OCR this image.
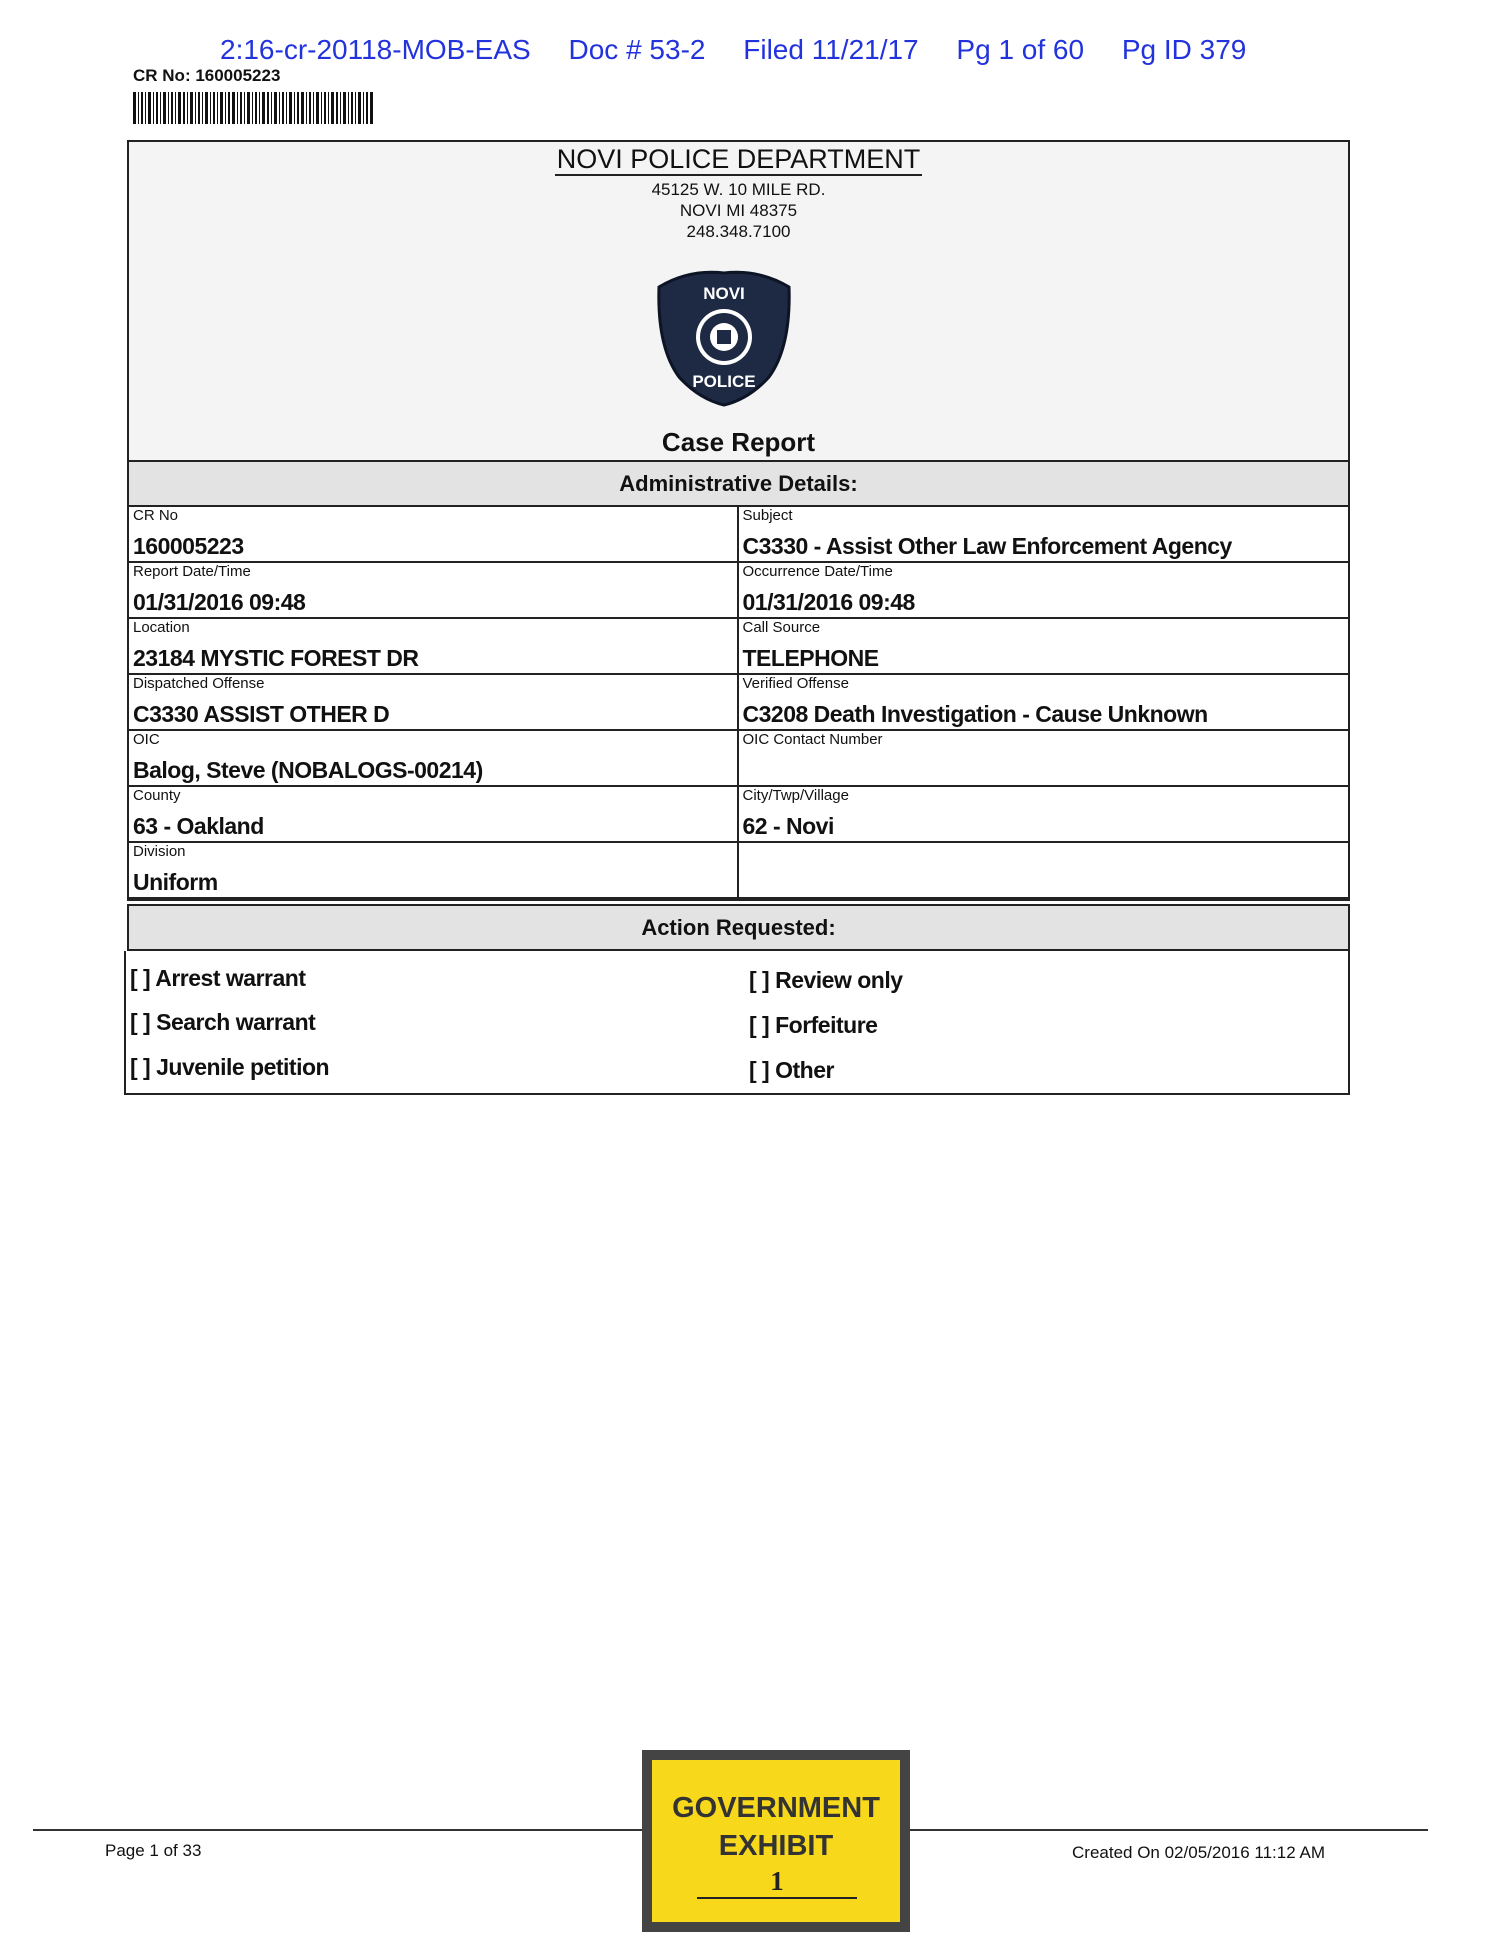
2:16-cr-20118-MOB-EAS Doc # 53-2 Filed 11/21/17 Pg 1 of 60 Pg ID 379
CR No: 160005223
NOVI POLICE DEPARTMENT
45125 W. 10 MILE RD.
NOVI MI 48375
248.348.7100
NOVI
POLICE
Case Report
Administrative Details:
CR No
160005223
Subject
C3330 - Assist Other Law Enforcement Agency
Report Date/Time
01/31/2016 09:48
Occurrence Date/Time
01/31/2016 09:48
Location
23184 MYSTIC FOREST DR
Call Source
TELEPHONE
Dispatched Offense
C3330 ASSIST OTHER D
Verified Offense
C3208 Death Investigation - Cause Unknown
OIC
Balog, Steve (NOBALOGS-00214)
OIC Contact Number
County
63 - Oakland
City/Twp/Village
62 - Novi
Division
Uniform
Action Requested:
[ ] Arrest warrant
[ ] Search warrant
[ ] Juvenile petition
[ ] Review only
[ ] Forfeiture
[ ] Other
Page 1 of 33	Created On 02/05/2016 11:12 AM
GOVERNMENT
EXHIBIT
1
